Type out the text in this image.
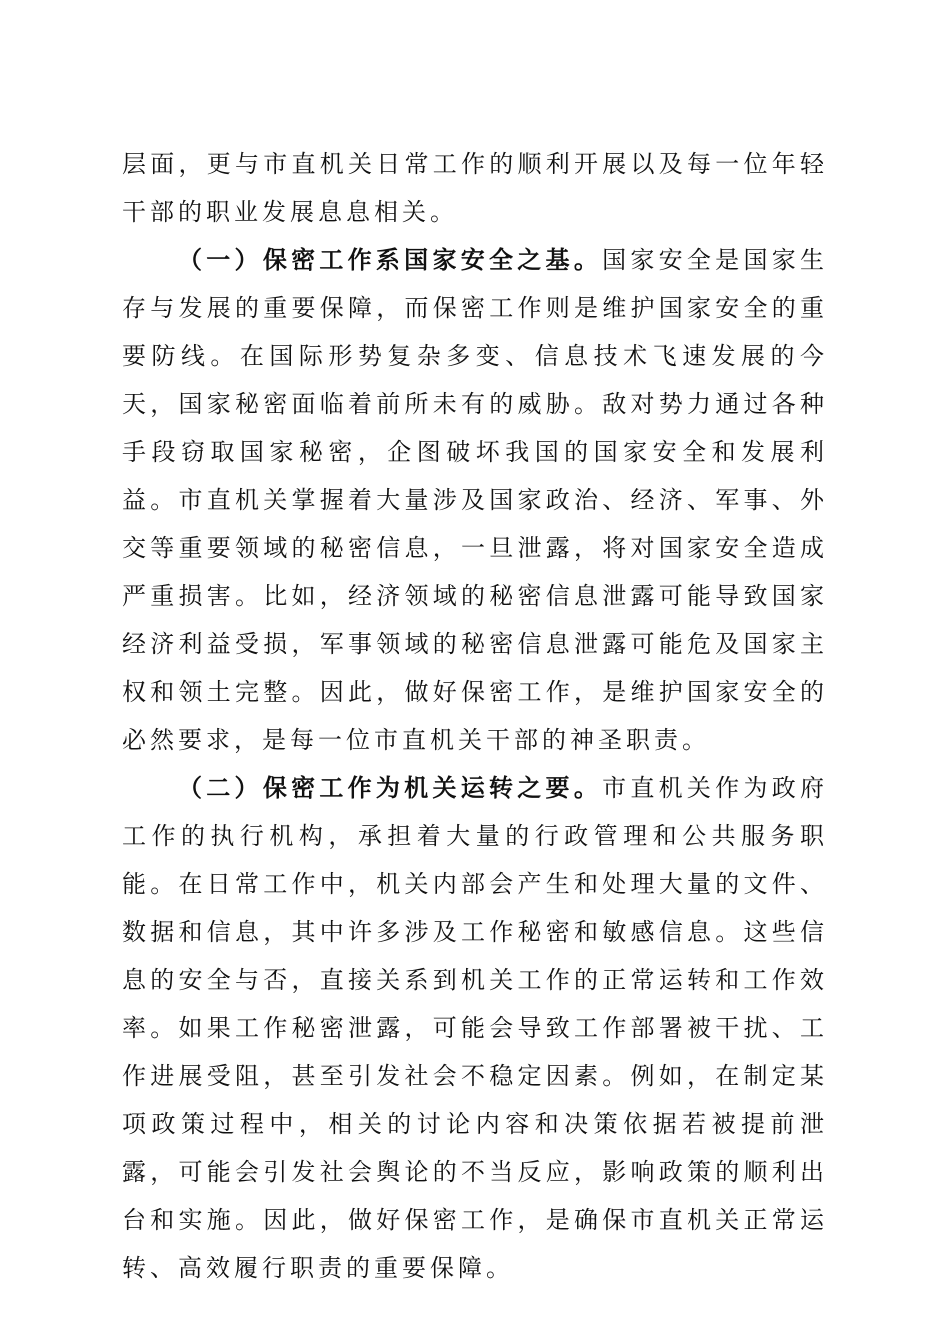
层面，更与市直机关日常工作的顺利开展以及每一位年轻干部的职业发展息息相关。

（一）保密工作系国家安全之基。国家安全是国家生存与发展的重要保障，而保密工作则是维护国家安全的重要防线。在国际形势复杂多变、信息技术飞速发展的今天，国家秘密面临着前所未有的威胁。敌对势力通过各种手段窃取国家秘密，企图破坏我国的国家安全和发展利益。市直机关掌握着大量涉及国家政治、经济、军事、外交等重要领域的秘密信息，一旦泄露，将对国家安全造成严重损害。比如，经济领域的秘密信息泄露可能导致国家经济利益受损，军事领域的秘密信息泄露可能危及国家主权和领土完整。因此，做好保密工作，是维护国家安全的必然要求，是每一位市直机关干部的神圣职责。

（二）保密工作为机关运转之要。市直机关作为政府工作的执行机构，承担着大量的行政管理和公共服务职能。在日常工作中，机关内部会产生和处理大量的文件、数据和信息，其中许多涉及工作秘密和敏感信息。这些信息的安全与否，直接关系到机关工作的正常运转和工作效率。如果工作秘密泄露，可能会导致工作部署被干扰、工作进展受阻，甚至引发社会不稳定因素。例如，在制定某项政策过程中，相关的讨论内容和决策依据若被提前泄露，可能会引发社会舆论的不当反应，影响政策的顺利出台和实施。因此，做好保密工作，是确保市直机关正常运转、高效履行职责的重要保障。
